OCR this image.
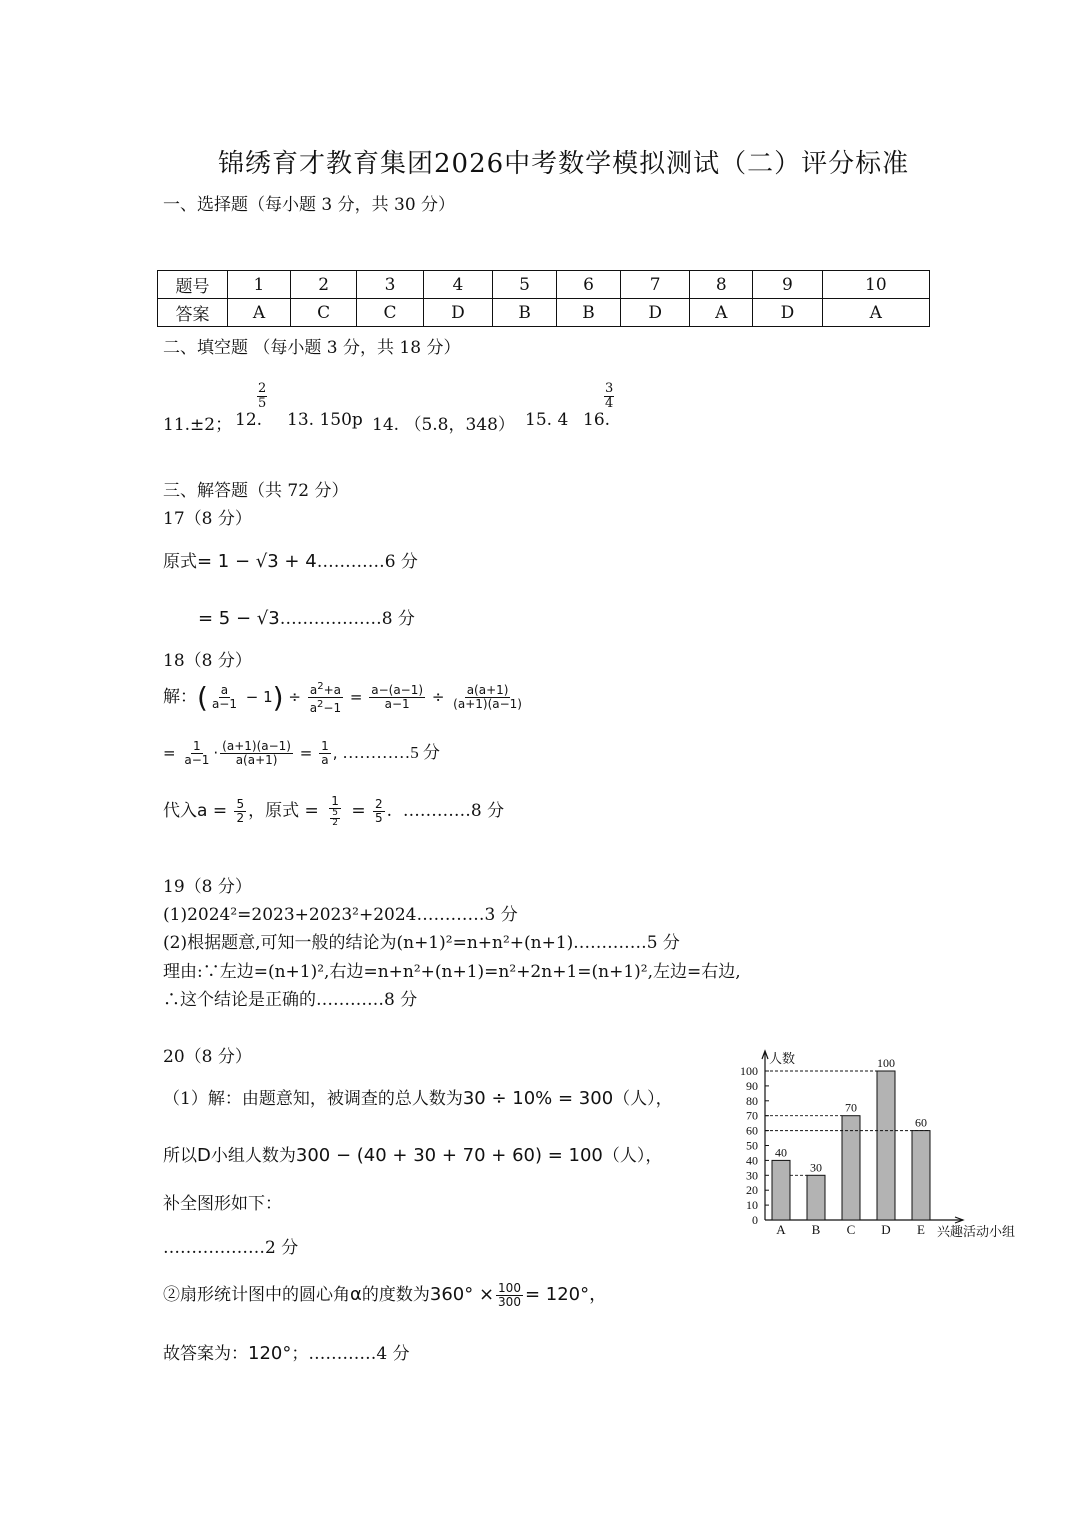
锦绣育才教育集团2026中考数学模拟测试（二）评分标准
一、选择题（每小题 3 分，共 30 分）
题号	1	2	3	4	5	6	7	8	9	10
答案	A	C	C	D	B	B	D	A	D	A
二、填空题 （每小题 3 分，共 18 分）
11.±2； 12.
$\frac{2}{5}$
13. 150p 14. （5.8，348） 15. 4 16.
$\frac{3}{4}$
三、解答题（共 72 分）
17（8 分）
原式= 1 − √3 + 4…………6 分
= 5 − √3………………8 分
18（8 分）
解：( $\frac{a}{a-1} - 1) \div \frac{a^2+a}{a^2-1} = \frac{a-(a-1)}{a-1} \div \frac{a(a+1)}{(a+1)(a-1)}$
= $\frac{1}{a-1} \cdot \frac{(a+1)(a-1)}{a(a+1)} = \frac{1}{a}$ , …………5 分
代入$a = \frac{5}{2}$ ，原式 = $\frac{1}{\frac{5}{2}} = \frac{2}{5}$ .  …………8 分
19（8 分）
(1)2024²=2023+2023²+2024…………3 分
(2)根据题意,可知一般的结论为(n+1)²=n+n²+(n+1).…………5 分
理由:∵左边=(n+1)²,右边=n+n²+(n+1)=n²+2n+1=(n+1)²,左边=右边,
∴这个结论是正确的…………8 分
20（8 分）
（1）解：由题意知，被调查的总人数为30 ÷ 10% = 300（人），
所以D小组人数为300 − (40 + 30 + 70 + 60) = 100（人），
补全图形如下：
………………2 分
②扇形统计图中的圆心角α的度数为$360^\circ \times \frac{100}{300} = 120^\circ$，
故答案为：120°；…………4 分
人数
0
10
20
30
40
50
60
70
80
90
100
40
A
30
B
70
C
100
D
60
E 兴趣活动小组
